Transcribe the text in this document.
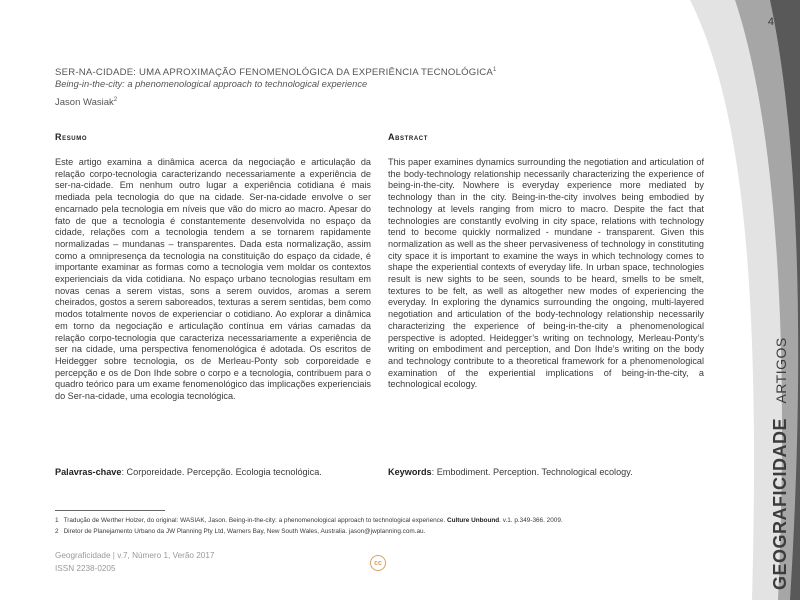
4
GEOGRAFICIDADE ARTIGOS
SER-NA-CIDADE: UMA APROXIMAÇÃO FENOMENOLÓGICA DA EXPERIÊNCIA TECNOLÓGICA$^1$
Being-in-the-city: a phenomenological approach to technological experience
Jason Wasiak$^2$
Resumo

Este artigo examina a dinâmica acerca da negociação e articulação da relação corpo-tecnologia caracterizando necessariamente a experiência de ser-na-cidade. Em nenhum outro lugar a experiência cotidiana é mais mediada pela tecnologia do que na cidade. Ser-na-cidade envolve o ser encarnado pela tecnologia em níveis que vão do micro ao macro. Apesar do fato de que a tecnologia é constantemente desenvolvida no espaço da cidade, relações com a tecnologia tendem a se tornarem rapidamente normalizadas – mundanas – transparentes. Dada esta normalização, assim como a omnipresença da tecnologia na constituição do espaço da cidade, é importante examinar as formas como a tecnologia vem moldar os contextos experienciais da vida cotidiana. No espaço urbano tecnologias resultam em novas cenas a serem vistas, sons a serem ouvidos, aromas a serem cheirados, gostos a serem saboreados, texturas a serem sentidas, bem como modos totalmente novos de experienciar o cotidiano. Ao explorar a dinâmica em torno da negociação e articulação contínua em várias camadas da relação corpo-tecnologia que caracteriza necessariamente a experiência de ser na cidade, uma perspectiva fenomenológica é adotada. Os escritos de Heidegger sobre tecnologia, os de Merleau-Ponty sob corporeidade e percepção e os de Don Ihde sobre o corpo e a tecnologia, contribuem para o quadro teórico para um exame fenomenológico das implicações experienciais do Ser-na-cidade, uma ecologia tecnológica.

Palavras-chave: Corporeidade. Percepção. Ecologia tecnológica.
Abstract

This paper examines dynamics surrounding the negotiation and articulation of the body-technology relationship necessarily characterizing the experience of being-in-the-city. Nowhere is everyday experience more mediated by technology than in the city. Being-in-the-city involves being embodied by technology at levels ranging from micro to macro. Despite the fact that technologies are constantly evolving in city space, relations with technology tend to become quickly normalized - mundane - transparent. Given this normalization as well as the sheer pervasiveness of technology in constituting city space it is important to examine the ways in which technology comes to shape the experiential contexts of everyday life. In urban space, technologies result is new sights to be seen, sounds to be heard, smells to be smelt, textures to be felt, as well as altogether new modes of experiencing the everyday. In exploring the dynamics surrounding the ongoing, multi-layered negotiation and articulation of the body-technology relationship necessarily characterizing the experience of being-in-the-city a phenomenological perspective is adopted. Heidegger’s writing on technology, Merleau-Ponty’s writing on embodiment and perception, and Don Ihde’s writing on the body and technology contribute to a theoretical framework for a phenomenological examination of the experiential implications of being-in-the-city, a technological ecology.

Keywords: Embodiment. Perception. Technological ecology.
1 Tradução de Werther Holzer, do original: WASIAK, Jason. Being-in-the-city: a phenomenological approach to technological experience. Culture Unbound. v.1. p.349-366. 2009.
2 Diretor de Planejamento Urbano da JW Planning Pty Ltd, Warners Bay, New South Wales, Australia. jason@jwplanning.com.au.
Geograficidade | v.7, Número 1, Verão 2017
ISSN 2238-0205
cc
